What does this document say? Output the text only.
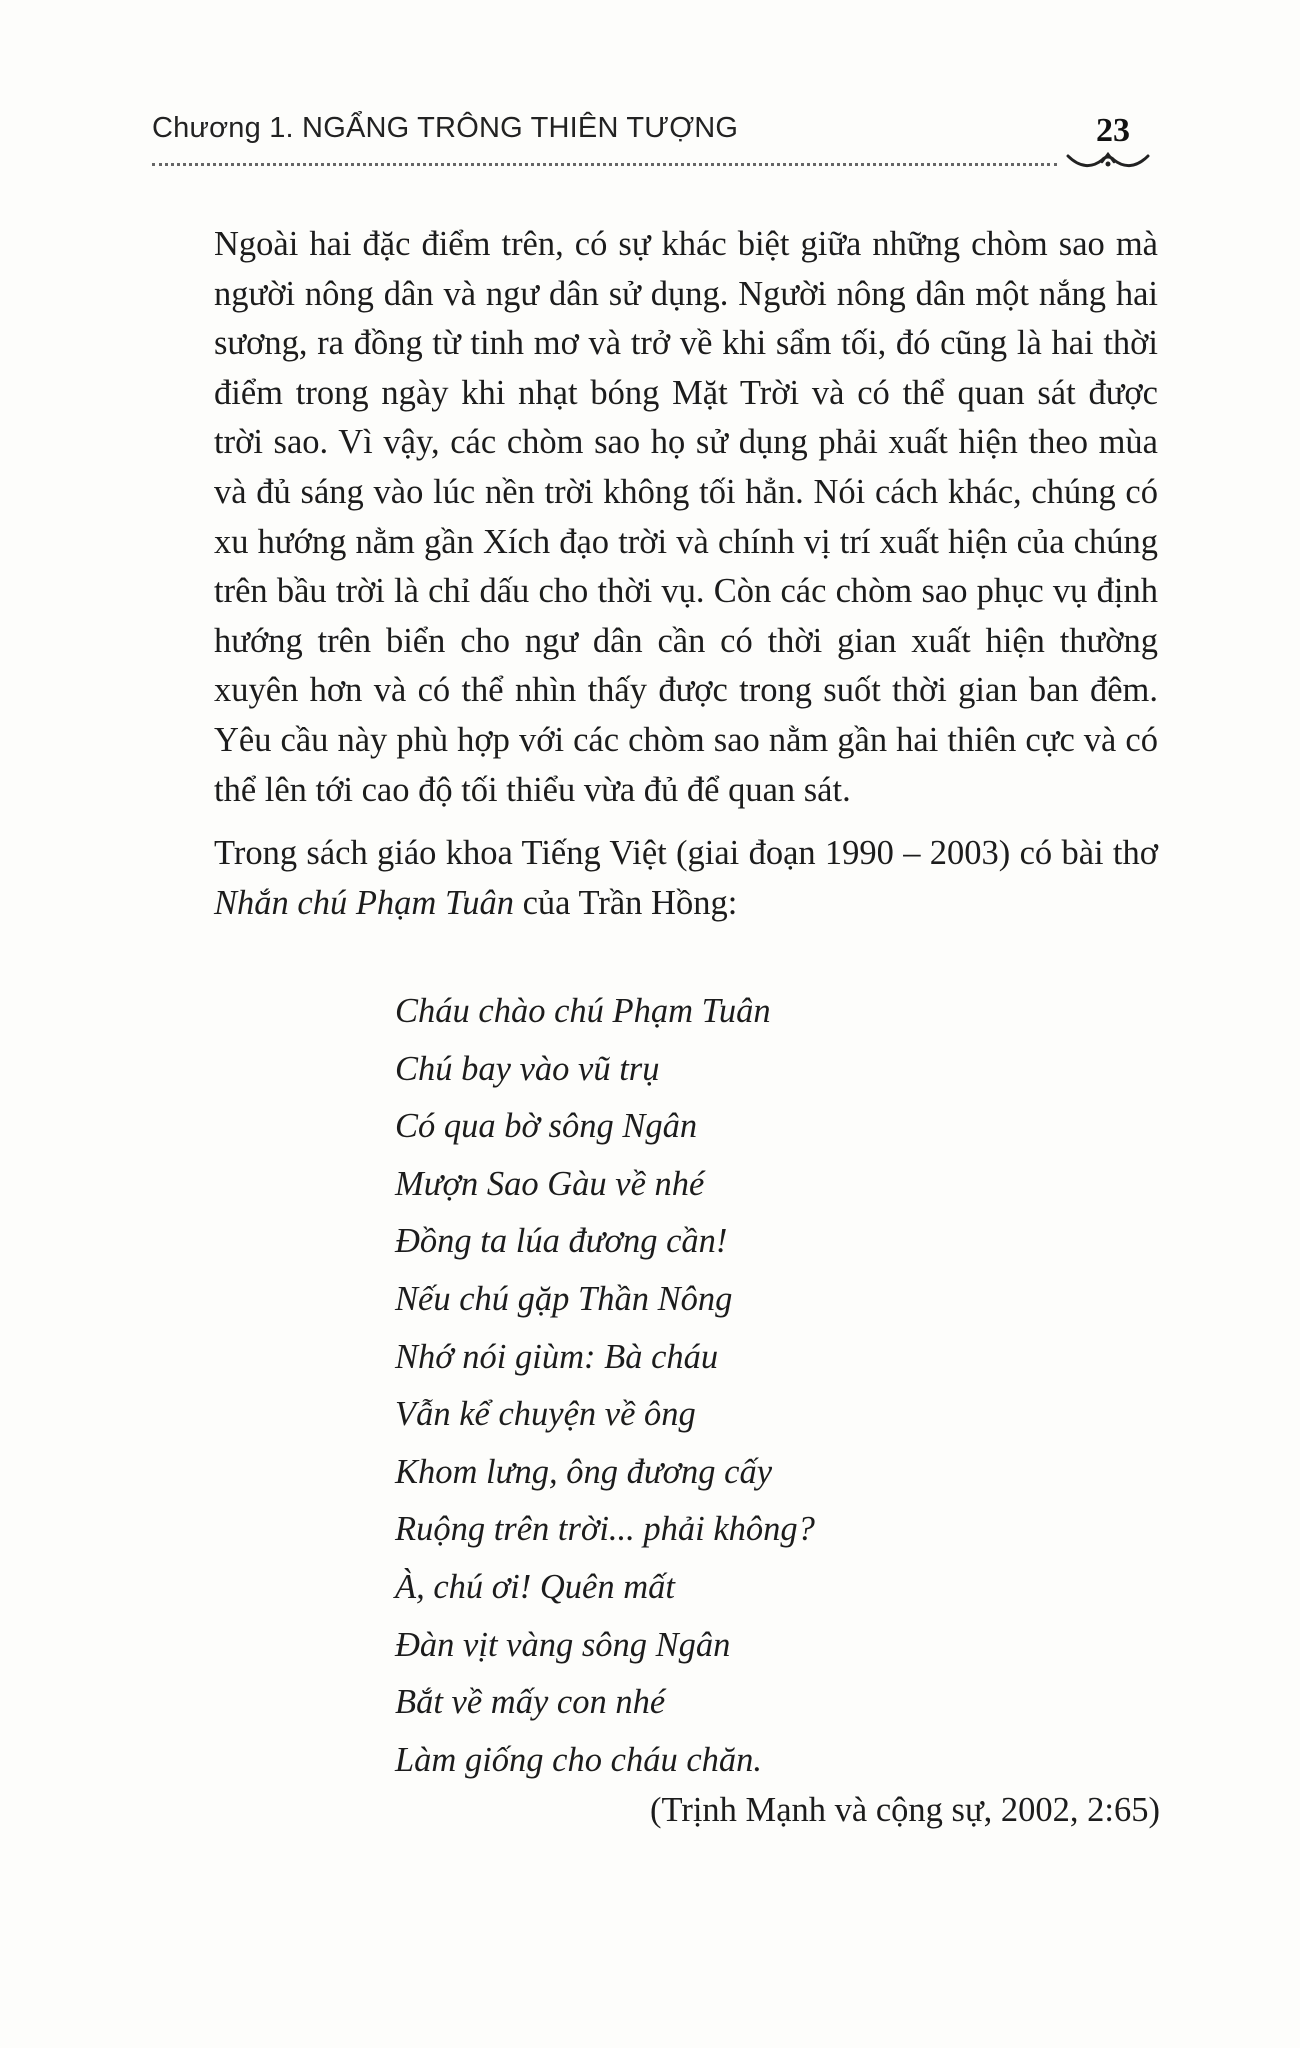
Chương 1. NGẨNG TRÔNG THIÊN TƯỢNG	23

Ngoài hai đặc điểm trên, có sự khác biệt giữa những chòm sao mà người nông dân và ngư dân sử dụng. Người nông dân một nắng hai sương, ra đồng từ tinh mơ và trở về khi sẩm tối, đó cũng là hai thời điểm trong ngày khi nhạt bóng Mặt Trời và có thể quan sát được trời sao. Vì vậy, các chòm sao họ sử dụng phải xuất hiện theo mùa và đủ sáng vào lúc nền trời không tối hẳn. Nói cách khác, chúng có xu hướng nằm gần Xích đạo trời và chính vị trí xuất hiện của chúng trên bầu trời là chỉ dấu cho thời vụ. Còn các chòm sao phục vụ định hướng trên biển cho ngư dân cần có thời gian xuất hiện thường xuyên hơn và có thể nhìn thấy được trong suốt thời gian ban đêm. Yêu cầu này phù hợp với các chòm sao nằm gần hai thiên cực và có thể lên tới cao độ tối thiểu vừa đủ để quan sát.

Trong sách giáo khoa Tiếng Việt (giai đoạn 1990 – 2003) có bài thơ Nhắn chú Phạm Tuân của Trần Hồng:

Cháu chào chú Phạm Tuân
Chú bay vào vũ trụ
Có qua bờ sông Ngân
Mượn Sao Gàu về nhé
Đồng ta lúa đương cần!
Nếu chú gặp Thần Nông
Nhớ nói giùm: Bà cháu
Vẫn kể chuyện về ông
Khom lưng, ông đương cấy
Ruộng trên trời... phải không?
À, chú ơi! Quên mất
Đàn vịt vàng sông Ngân
Bắt về mấy con nhé
Làm giống cho cháu chăn.
(Trịnh Mạnh và cộng sự, 2002, 2:65)
